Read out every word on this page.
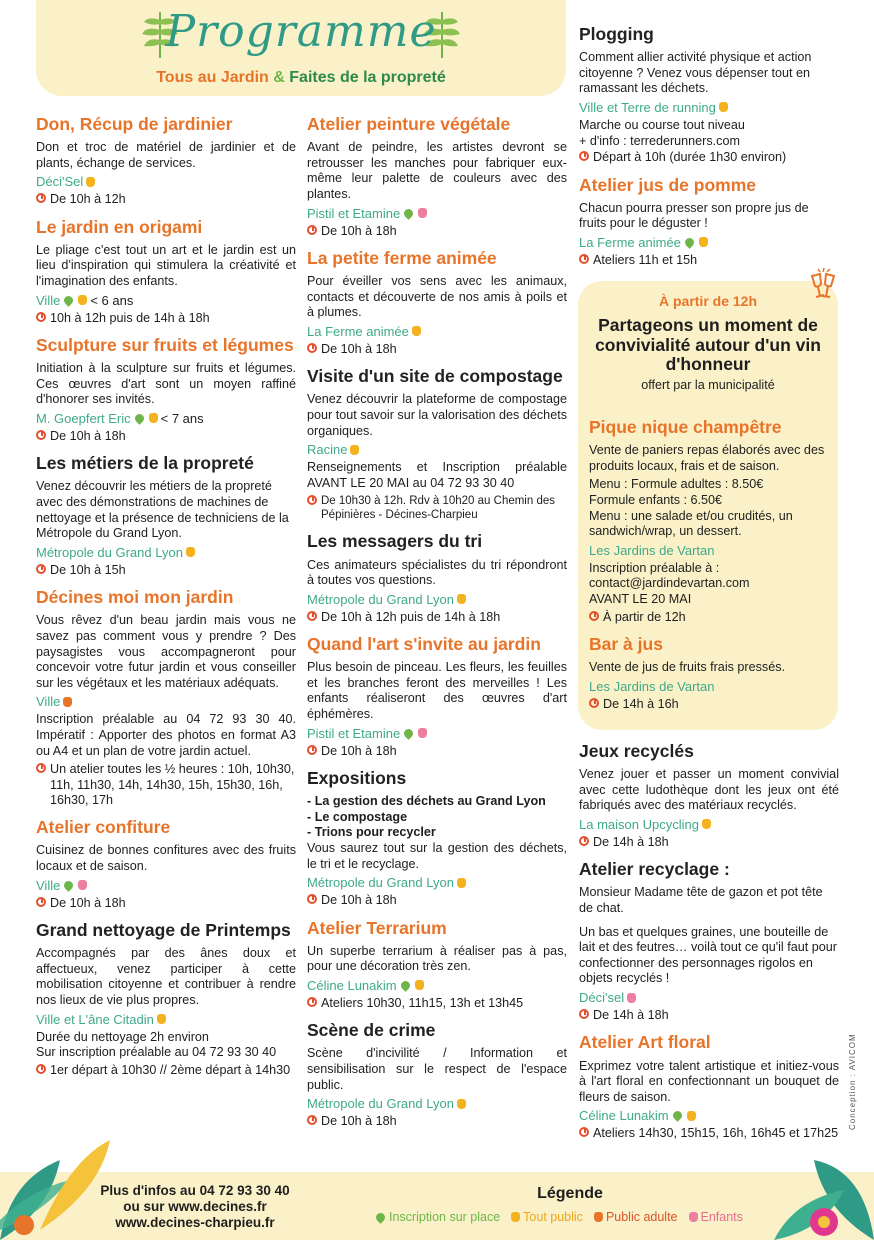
Programme
Tous au Jardin & Faites de la propreté
Don, Récup de jardinier

Don et troc de matériel de jardinier et de plants, échange de services.

Déci'Sel
De 10h à 12h
Le jardin en origami

Le pliage c'est tout un art et le jardin est un lieu d'inspiration qui stimulera la créativité et l'imagination des enfants.

Ville < 6 ans
10h à 12h puis de 14h à 18h
Sculpture sur fruits et légumes

Initiation à la sculpture sur fruits et légumes. Ces œuvres d'art sont un moyen raffiné d'honorer ses invités.

M. Goepfert Eric < 7 ans
De 10h à 18h
Les métiers de la propreté

Venez découvrir les métiers de la propreté avec des démonstrations de machines de nettoyage et la présence de techniciens de la Métropole du Grand Lyon.

Métropole du Grand Lyon
De 10h à 15h
Décines moi mon jardin

Vous rêvez d'un beau jardin mais vous ne savez pas comment vous y prendre ? Des paysagistes vous accompagneront pour concevoir votre futur jardin et vous conseiller sur les végétaux et les matériaux adéquats.

Ville

Inscription préalable au 04 72 93 30 40. Impératif : Apporter des photos en format A3 ou A4 et un plan de votre jardin actuel.

Un atelier toutes les ½ heures : 10h, 10h30, 11h, 11h30, 14h, 14h30, 15h, 15h30, 16h, 16h30, 17h
Atelier confiture

Cuisinez de bonnes confitures avec des fruits locaux et de saison.

Ville
De 10h à 18h
Grand nettoyage de Printemps

Accompagnés par des ânes doux et affectueux, venez participer à cette mobilisation citoyenne et contribuer à rendre nos lieux de vie plus propres.

Ville et L'âne Citadin

Durée du nettoyage 2h environ

Sur inscription préalable au 04 72 93 30 40

1er départ à 10h30 // 2ème départ à 14h30
Atelier peinture végétale

Avant de peindre, les artistes devront se retrousser les manches pour fabriquer eux-même leur palette de couleurs avec des plantes.

Pistil et Etamine
De 10h à 18h
La petite ferme animée

Pour éveiller vos sens avec les animaux, contacts et découverte de nos amis à poils et à plumes.

La Ferme animée
De 10h à 18h
Visite d'un site de compostage

Venez découvrir la plateforme de compostage pour tout savoir sur la valorisation des déchets organiques.

Racine

Renseignements et Inscription préalable AVANT LE 20 MAI au 04 72 93 30 40

De 10h30 à 12h. Rdv à 10h20 au Chemin des Pépinières - Décines-Charpieu
Les messagers du tri

Ces animateurs spécialistes du tri répondront à toutes vos questions.

Métropole du Grand Lyon
De 10h à 12h puis de 14h à 18h
Quand l'art s'invite au jardin

Plus besoin de pinceau. Les fleurs, les feuilles et les branches feront des merveilles ! Les enfants réaliseront des œuvres d'art éphémères.

Pistil et Etamine
De 10h à 18h
Expositions

- La gestion des déchets au Grand Lyon

- Le compostage

- Trions pour recycler

Vous saurez tout sur la gestion des déchets, le tri et le recyclage.

Métropole du Grand Lyon
De 10h à 18h
Atelier Terrarium

Un superbe terrarium à réaliser pas à pas, pour une décoration très zen.

Céline Lunakim
Ateliers 10h30, 11h15, 13h et 13h45
Scène de crime

Scène d'incivilité / Information et sensibilisation sur le respect de l'espace public.

Métropole du Grand Lyon
De 10h à 18h
Plogging

Comment allier activité physique et action citoyenne ? Venez vous dépenser tout en ramassant les déchets.

Ville et Terre de running

Marche ou course tout niveau

+ d'info : terrederunners.com

Départ à 10h (durée 1h30 environ)
Atelier jus de pomme

Chacun pourra presser son propre jus de fruits pour le déguster !

La Ferme animée
Ateliers 11h et 15h
À partir de 12h
Partageons un moment de convivialité autour d'un vin d'honneur
offert par la municipalité
Pique nique champêtre

Vente de paniers repas élaborés avec des produits locaux, frais et de saison.

Menu : Formule adultes : 8.50€

Formule enfants : 6.50€

Menu : une salade et/ou crudités, un sandwich/wrap, un dessert.

Les Jardins de Vartan

Inscription préalable à :

contact@jardindevartan.com

AVANT LE 20 MAI

À partir de 12h
Bar à jus

Vente de jus de fruits frais pressés.

Les Jardins de Vartan
De 14h à 16h
Jeux recyclés

Venez jouer et passer un moment convivial avec cette ludothèque dont les jeux ont été fabriqués avec des matériaux recyclés.

La maison Upcycling
De 14h à 18h
Atelier recyclage :

Monsieur Madame tête de gazon et pot tête de chat.

Un bas et quelques graines, une bouteille de lait et des feutres… voilà tout ce qu'il faut pour confectionner des personnages rigolos en objets recyclés !

Déci'sel
De 14h à 18h
Atelier Art floral

Exprimez votre talent artistique et initiez-vous à l'art floral en confectionnant un bouquet de fleurs de saison.

Céline Lunakim
Ateliers 14h30, 15h15, 16h, 16h45 et 17h25
Conception : AVICOM
Plus d'infos au 04 72 93 30 40
ou sur www.decines.fr
www.decines-charpieu.fr
Légende
Inscription sur place Tout public Public adulte Enfants
